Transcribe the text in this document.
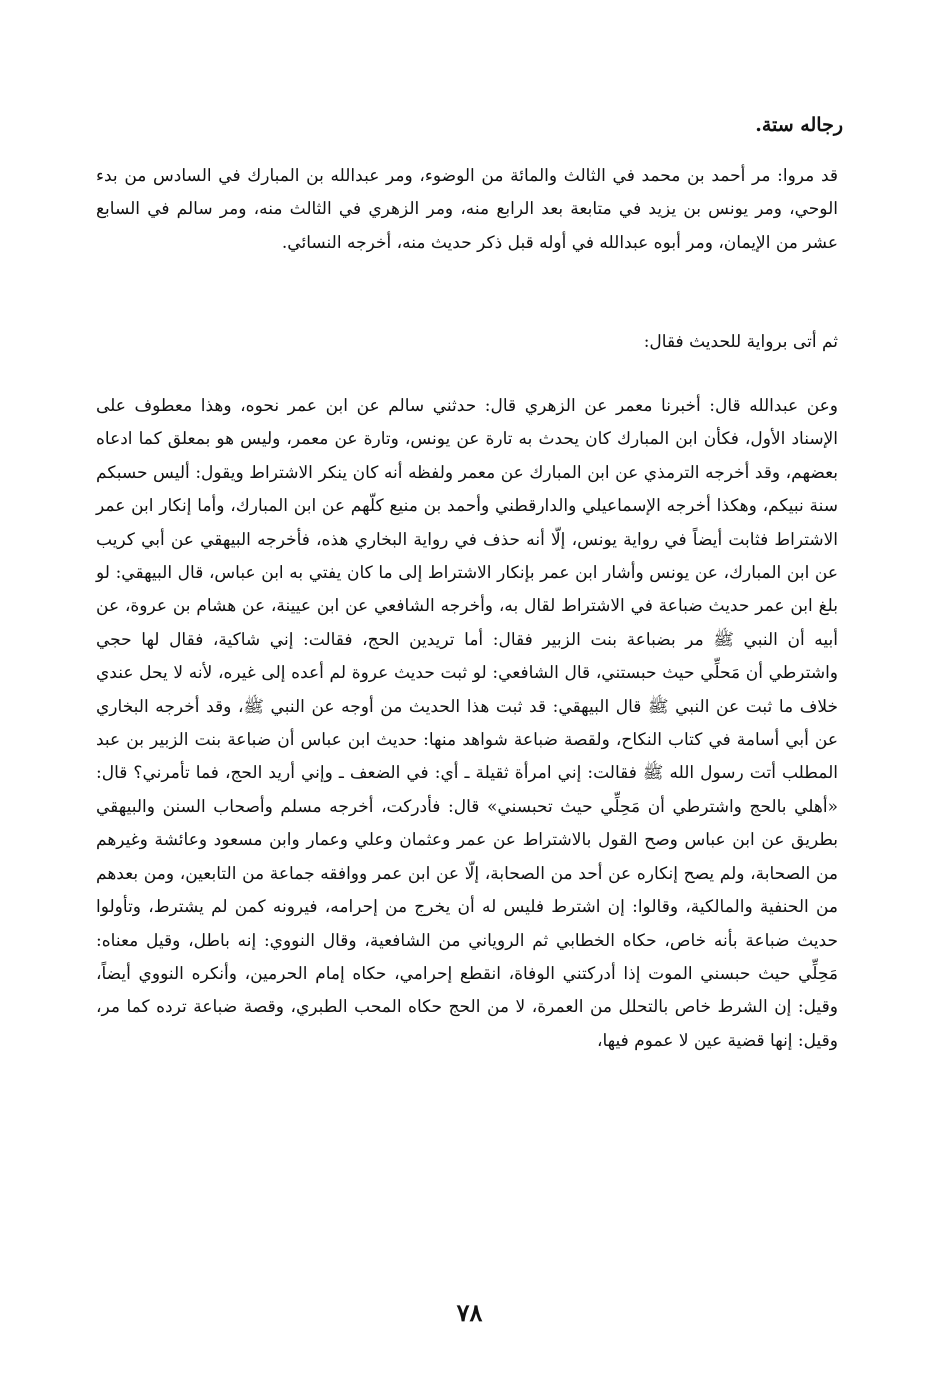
رجاله ستة.
قد مروا: مر أحمد بن محمد في الثالث والمائة من الوضوء، ومر عبدالله بن المبارك في السادس من بدء الوحي، ومر يونس بن يزيد في متابعة بعد الرابع منه، ومر الزهري في الثالث منه، ومر سالم في السابع عشر من الإيمان، ومر أبوه عبدالله في أوله قبل ذكر حديث منه، أخرجه النسائي.
ثم أتى برواية للحديث فقال:
وعن عبدالله قال: أخبرنا معمر عن الزهري قال: حدثني سالم عن ابن عمر نحوه، وهذا معطوف على الإسناد الأول، فكأن ابن المبارك كان يحدث به تارة عن يونس، وتارة عن معمر، وليس هو بمعلق كما ادعاه بعضهم، وقد أخرجه الترمذي عن ابن المبارك عن معمر ولفظه أنه كان ينكر الاشتراط ويقول: أليس حسبكم سنة نبيكم، وهكذا أخرجه الإسماعيلي والدارقطني وأحمد بن منيع كلّهم عن ابن المبارك، وأما إنكار ابن عمر الاشتراط فثابت أيضاً في رواية يونس، إلّا أنه حذف في رواية البخاري هذه، فأخرجه البيهقي عن أبي كريب عن ابن المبارك، عن يونس وأشار ابن عمر بإنكار الاشتراط إلى ما كان يفتي به ابن عباس، قال البيهقي: لو بلغ ابن عمر حديث ضباعة في الاشتراط لقال به، وأخرجه الشافعي عن ابن عيينة، عن هشام بن عروة، عن أبيه أن النبي ﷺ مر بضباعة بنت الزبير فقال: أما تريدين الحج، فقالت: إني شاكية، فقال لها حجي واشترطي أن مَحلِّي حيث حبستني، قال الشافعي: لو ثبت حديث عروة لم أعده إلى غيره، لأنه لا يحل عندي خلاف ما ثبت عن النبي ﷺ قال البيهقي: قد ثبت هذا الحديث من أوجه عن النبي ﷺ، وقد أخرجه البخاري عن أبي أسامة في كتاب النكاح، ولقصة ضباعة شواهد منها: حديث ابن عباس أن ضباعة بنت الزبير بن عبد المطلب أتت رسول الله ﷺ فقالت: إني امرأة ثقيلة ـ أي: في الضعف ـ وإني أريد الحج، فما تأمرني؟ قال: «أهلي بالحج واشترطي أن مَحِلِّي حيث تحبسني» قال: فأدركت، أخرجه مسلم وأصحاب السنن والبيهقي بطريق عن ابن عباس وصح القول بالاشتراط عن عمر وعثمان وعلي وعمار وابن مسعود وعائشة وغيرهم من الصحابة، ولم يصح إنكاره عن أحد من الصحابة، إلّا عن ابن عمر ووافقه جماعة من التابعين، ومن بعدهم من الحنفية والمالكية، وقالوا: إن اشترط فليس له أن يخرج من إحرامه، فيرونه كمن لم يشترط، وتأولوا حديث ضباعة بأنه خاص، حكاه الخطابي ثم الروياني من الشافعية، وقال النووي: إنه باطل، وقيل معناه: مَحِلِّي حيث حبسني الموت إذا أدركتني الوفاة، انقطع إحرامي، حكاه إمام الحرمين، وأنكره النووي أيضاً، وقيل: إن الشرط خاص بالتحلل من العمرة، لا من الحج حكاه المحب الطبري، وقصة ضباعة ترده كما مر، وقيل: إنها قضية عين لا عموم فيها،
٧٨
